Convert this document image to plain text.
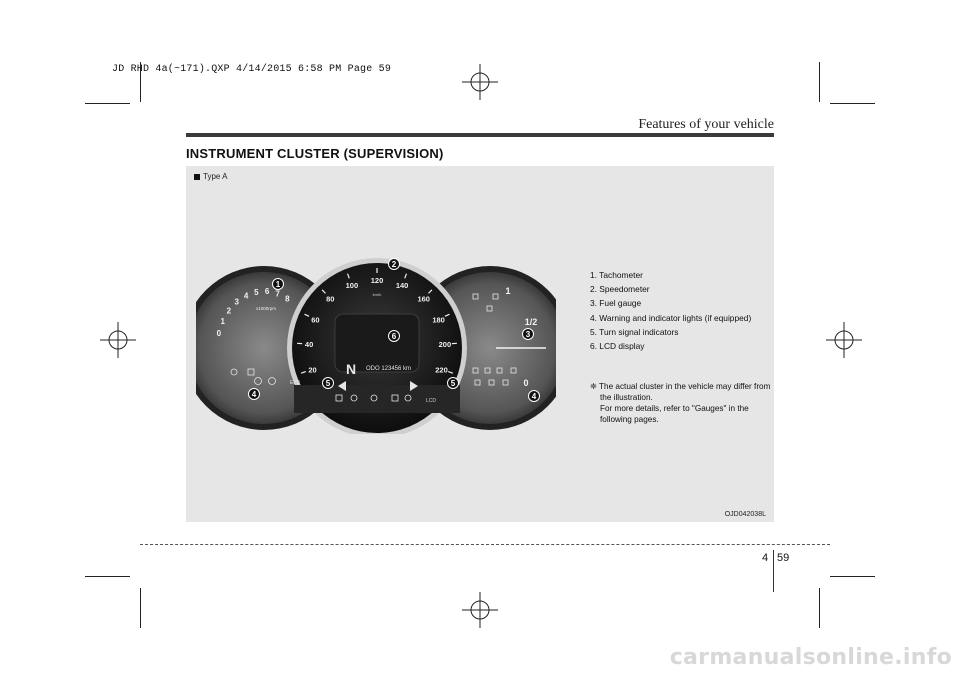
JD RHD 4a(~171).QXP 4/14/2015 6:58 PM Page 59
Features of your vehicle
INSTRUMENT CLUSTER (SUPERVISION)
Type A
0
1
2
3
4 5 6 7
8
0
1/2
1
20
40
60
80
100
120
140
160
180
200
220
N ODO 123456 km
km/h
x1000rpm
LCD
EPB
1
2
3
4	4
5	5
6
1. Tachometer
2. Speedometer
3. Fuel gauge
4. Warning and indicator lights (if equipped)
5. Turn signal indicators
6. LCD display
❈ The actual cluster in the vehicle may differ from the illustration.
For more details, refer to "Gauges" in the following pages.
OJD042038L
4 59
carmanualsonline.info
